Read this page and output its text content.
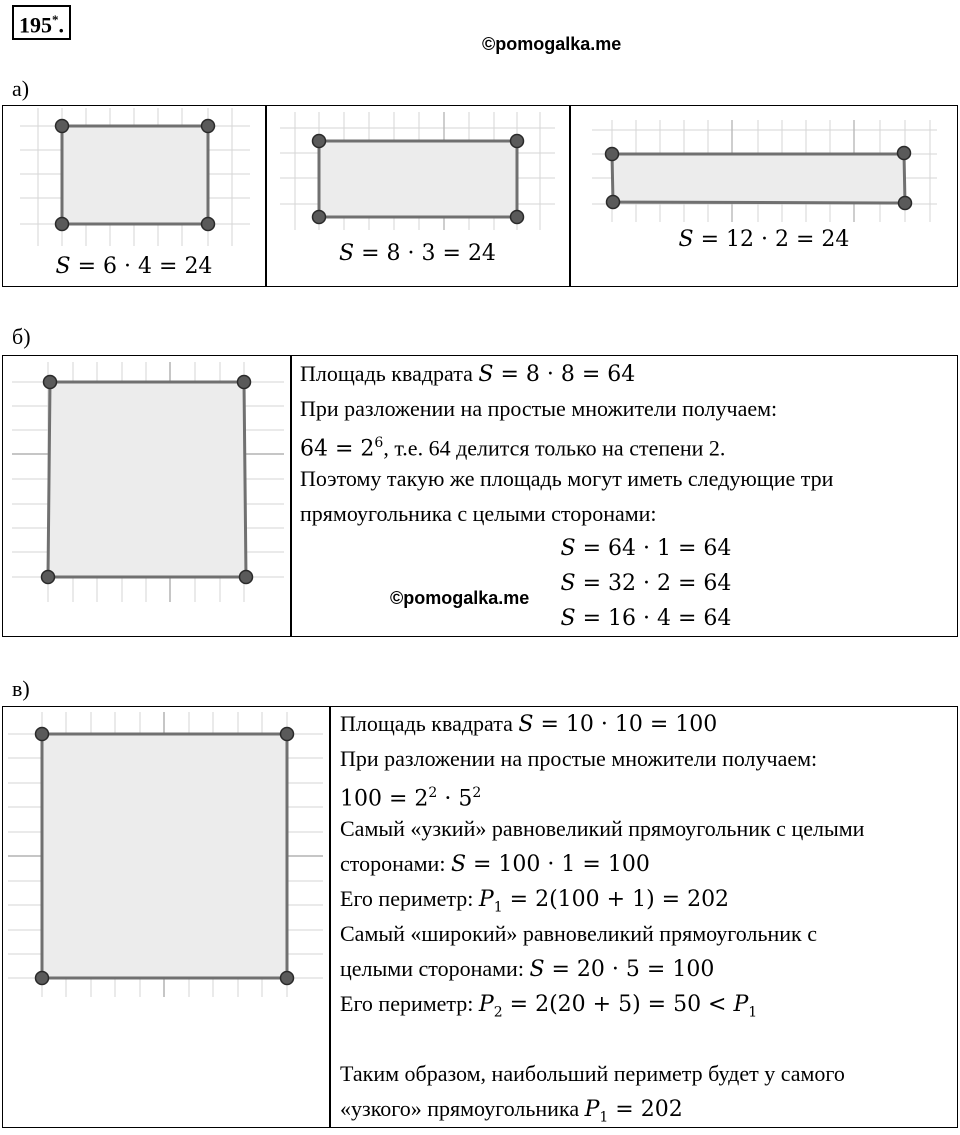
195*.
©pomogalka.me
а)
S = 6 · 4 = 24
S = 8 · 3 = 24
S = 12 · 2 = 24
б)
Площадь квадрата S = 8 · 8 = 64
При разложении на простые множители получаем:
$64 = 2^6$, т.е. 64 делится только на степени 2.
Поэтому такую же площадь могут иметь следующие три
прямоугольника с целыми сторонами:
S = 64 · 1 = 64
S = 32 · 2 = 64
S = 16 · 4 = 64
©pomogalka.me
в)
Площадь квадрата S = 10 · 10 = 100
При разложении на простые множители получаем:
$100 = 2^2 \cdot 5^2$
Самый «узкий» равновеликий прямоугольник с целыми
сторонами: S = 100 · 1 = 100
Его периметр: $P_1 = 2(100 + 1) = 202$
Самый «широкий» равновеликий прямоугольник с
целыми сторонами: S = 20 · 5 = 100
Его периметр: $P_2 = 2(20 + 5) = 50 < P_1$
Таким образом, наибольший периметр будет у самого
«узкого» прямоугольника $P_1 = 202$
